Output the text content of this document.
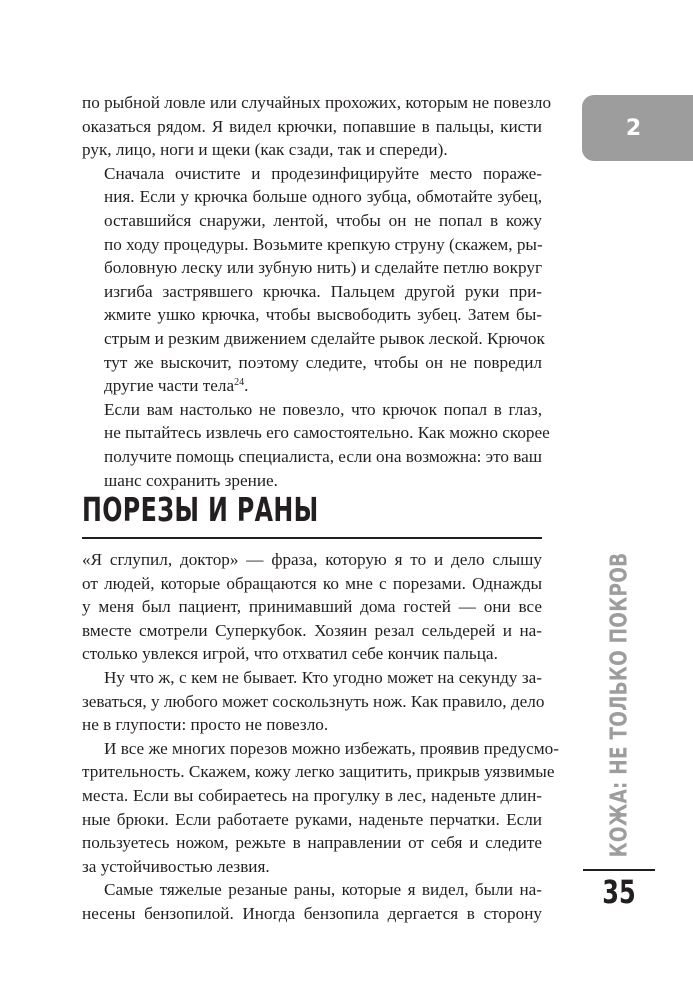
2

по рыбной ловле или случайных прохожих, которым не повезло
оказаться рядом. Я видел крючки, попавшие в пальцы, кисти
рук, лицо, ноги и щеки (как сзади, так и спереди).

Сначала очистите и продезинфицируйте место пораже-
ния. Если у крючка больше одного зубца, обмотайте зубец,
оставшийся снаружи, лентой, чтобы он не попал в кожу
по ходу процедуры. Возьмите крепкую струну (скажем, ры-
боловную леску или зубную нить) и сделайте петлю вокруг
изгиба застрявшего крючка. Пальцем другой руки при-
жмите ушко крючка, чтобы высвободить зубец. Затем бы-
стрым и резким движением сделайте рывок леской. Крючок
тут же выскочит, поэтому следите, чтобы он не повредил
другие части тела$^{24}$.

Если вам настолько не повезло, что крючок попал в глаз,
не пытайтесь извлечь его самостоятельно. Как можно скорее
получите помощь специалиста, если она возможна: это ваш
шанс сохранить зрение.

ПОРЕЗЫ И РАНЫ

«Я сглупил, доктор» — фраза, которую я то и дело слышу
от людей, которые обращаются ко мне с порезами. Однажды
у меня был пациент, принимавший дома гостей — они все
вместе смотрели Суперкубок. Хозяин резал сельдерей и на-
столько увлекся игрой, что отхватил себе кончик пальца.

Ну что ж, с кем не бывает. Кто угодно может на секунду за-
зеваться, у любого может соскользнуть нож. Как правило, дело
не в глупости: просто не повезло.

И все же многих порезов можно избежать, проявив предусмо-
трительность. Скажем, кожу легко защитить, прикрыв уязвимые
места. Если вы собираетесь на прогулку в лес, наденьте длин-
ные брюки. Если работаете руками, наденьте перчатки. Если
пользуетесь ножом, режьте в направлении от себя и следите
за устойчивостью лезвия.

Самые тяжелые резаные раны, которые я видел, были на-
несены бензопилой. Иногда бензопила дергается в сторону

КОЖА: НЕ ТОЛЬКО ПОКРОВ
35
